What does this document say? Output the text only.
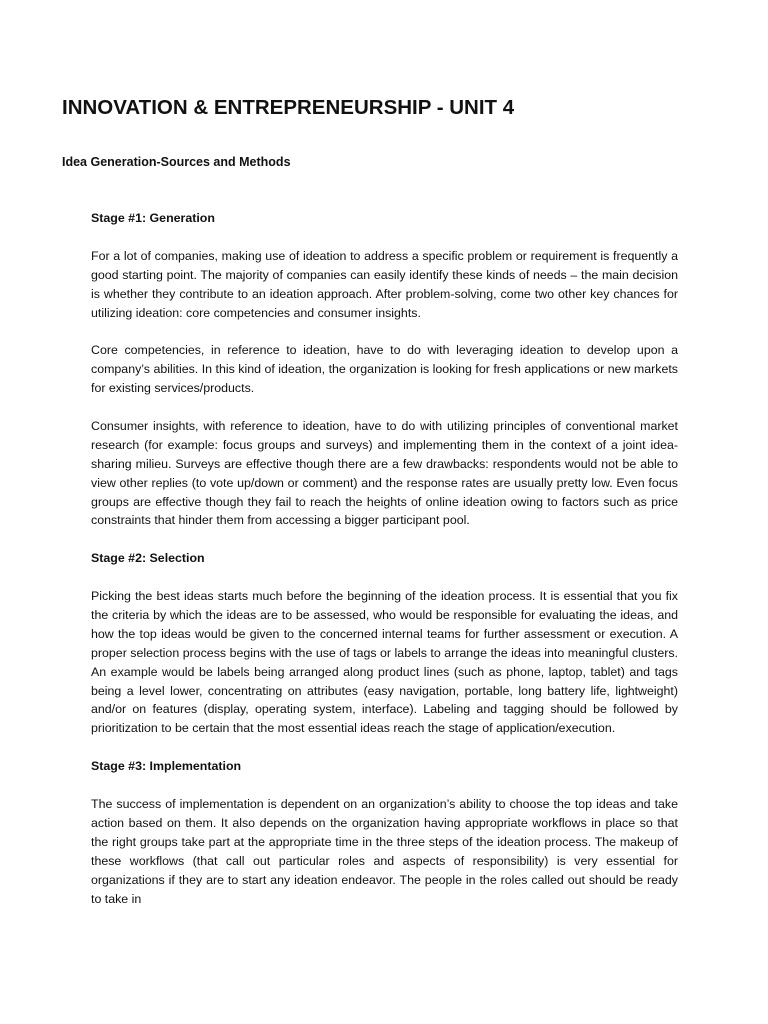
INNOVATION & ENTREPRENEURSHIP - UNIT 4
Idea Generation-Sources and Methods

Stage #1: Generation

For a lot of companies, making use of ideation to address a specific problem or requirement is frequently a good starting point. The majority of companies can easily identify these kinds of needs – the main decision is whether they contribute to an ideation approach. After problem-solving, come two other key chances for utilizing ideation: core competencies and consumer insights.

Core competencies, in reference to ideation, have to do with leveraging ideation to develop upon a company’s abilities. In this kind of ideation, the organization is looking for fresh applications or new markets for existing services/products.

Consumer insights, with reference to ideation, have to do with utilizing principles of conventional market research (for example: focus groups and surveys) and implementing them in the context of a joint idea-sharing milieu. Surveys are effective though there are a few drawbacks: respondents would not be able to view other replies (to vote up/down or comment) and the response rates are usually pretty low. Even focus groups are effective though they fail to reach the heights of online ideation owing to factors such as price constraints that hinder them from accessing a bigger participant pool.

Stage #2: Selection

Picking the best ideas starts much before the beginning of the ideation process. It is essential that you fix the criteria by which the ideas are to be assessed, who would be responsible for evaluating the ideas, and how the top ideas would be given to the concerned internal teams for further assessment or execution. A proper selection process begins with the use of tags or labels to arrange the ideas into meaningful clusters. An example would be labels being arranged along product lines (such as phone, laptop, tablet) and tags being a level lower, concentrating on attributes (easy navigation, portable, long battery life, lightweight) and/or on features (display, operating system, interface). Labeling and tagging should be followed by prioritization to be certain that the most essential ideas reach the stage of application/execution.

Stage #3: Implementation

The success of implementation is dependent on an organization’s ability to choose the top ideas and take action based on them. It also depends on the organization having appropriate workflows in place so that the right groups take part at the appropriate time in the three steps of the ideation process. The makeup of these workflows (that call out particular roles and aspects of responsibility) is very essential for organizations if they are to start any ideation endeavor. The people in the roles called out should be ready to take in
